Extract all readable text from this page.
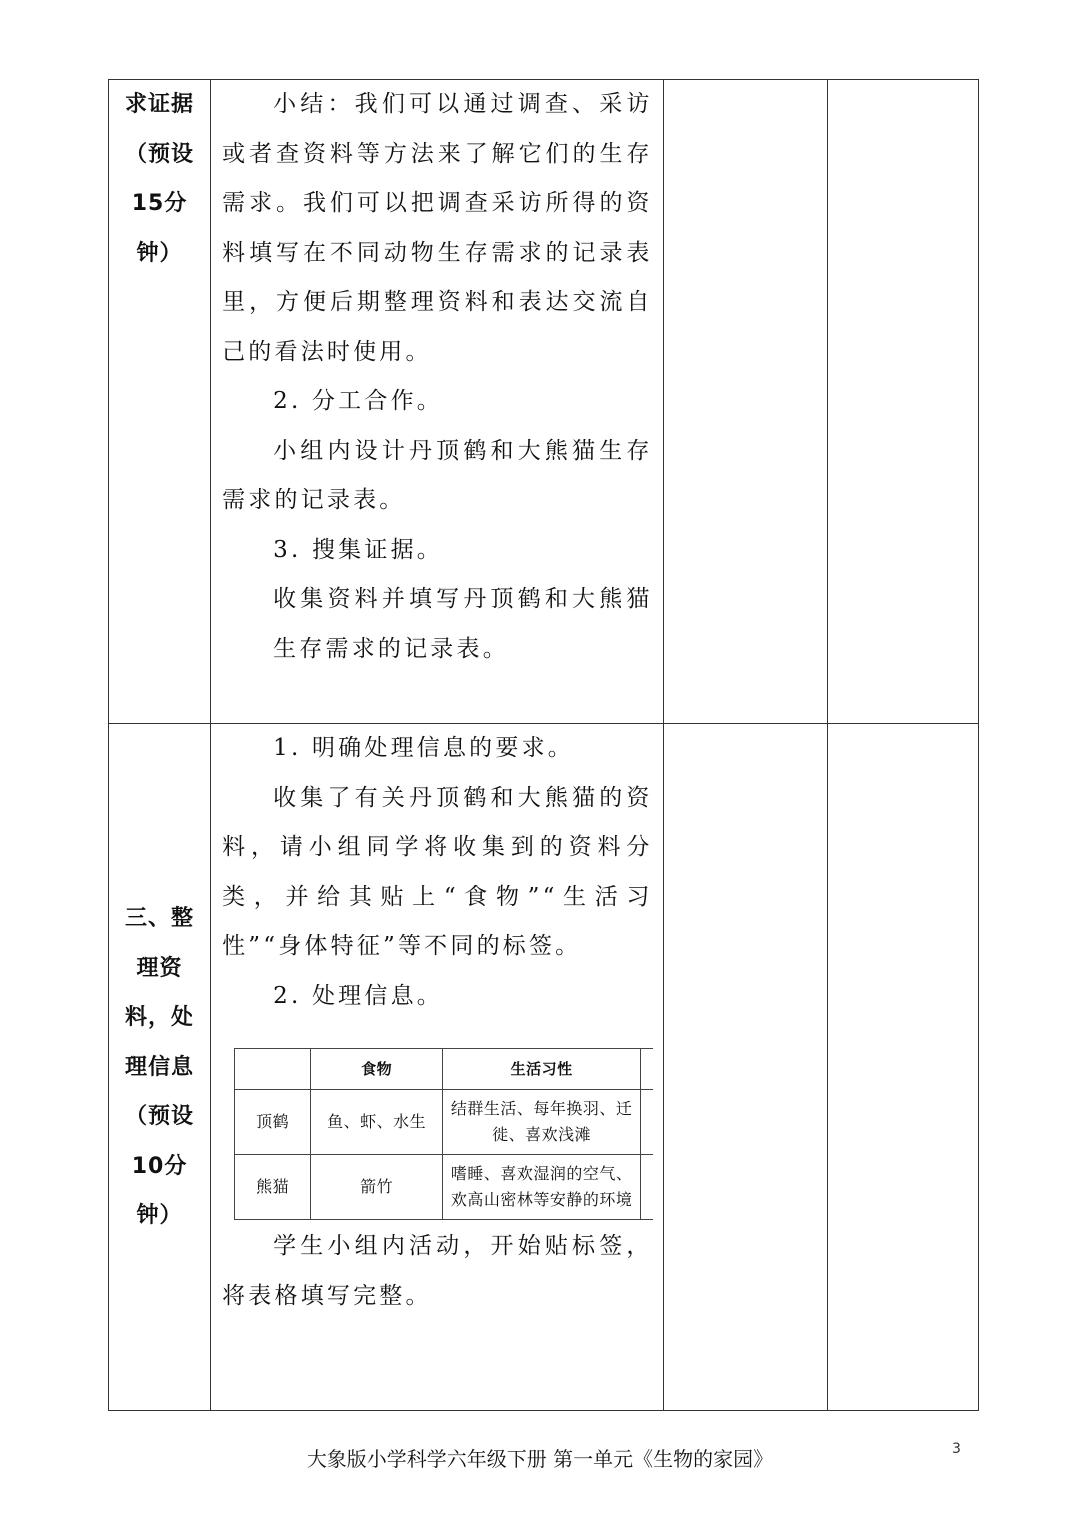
求证据（预设15分钟）

小结：我们可以通过调查、采访或者查资料等方法来了解它们的生存需求。我们可以把调查采访所得的资料填写在不同动物生存需求的记录表里，方便后期整理资料和表达交流自己的看法时使用。

2. 分工合作。

小组内设计丹顶鹤和大熊猫生存需求的记录表。

3. 搜集证据。

收集资料并填写丹顶鹤和大熊猫生存需求的记录表。

三、整理资料，处理信息（预设10分钟）

1. 明确处理信息的要求。

收集了有关丹顶鹤和大熊猫的资料，请小组同学将收集到的资料分类，并给其贴上“食物”“生活习性”“身体特征”等不同的标签。

2. 处理信息。

	食物	生活习性	
顶鹤	鱼、虾、水生	结群生活、每年换羽、迁徙、喜欢浅滩	
熊猫	箭竹	嗜睡、喜欢湿润的空气、欢高山密林等安静的环境	

学生小组内活动，开始贴标签，将表格填写完整。

大象版小学科学六年级下册 第一单元《生物的家园》	3
